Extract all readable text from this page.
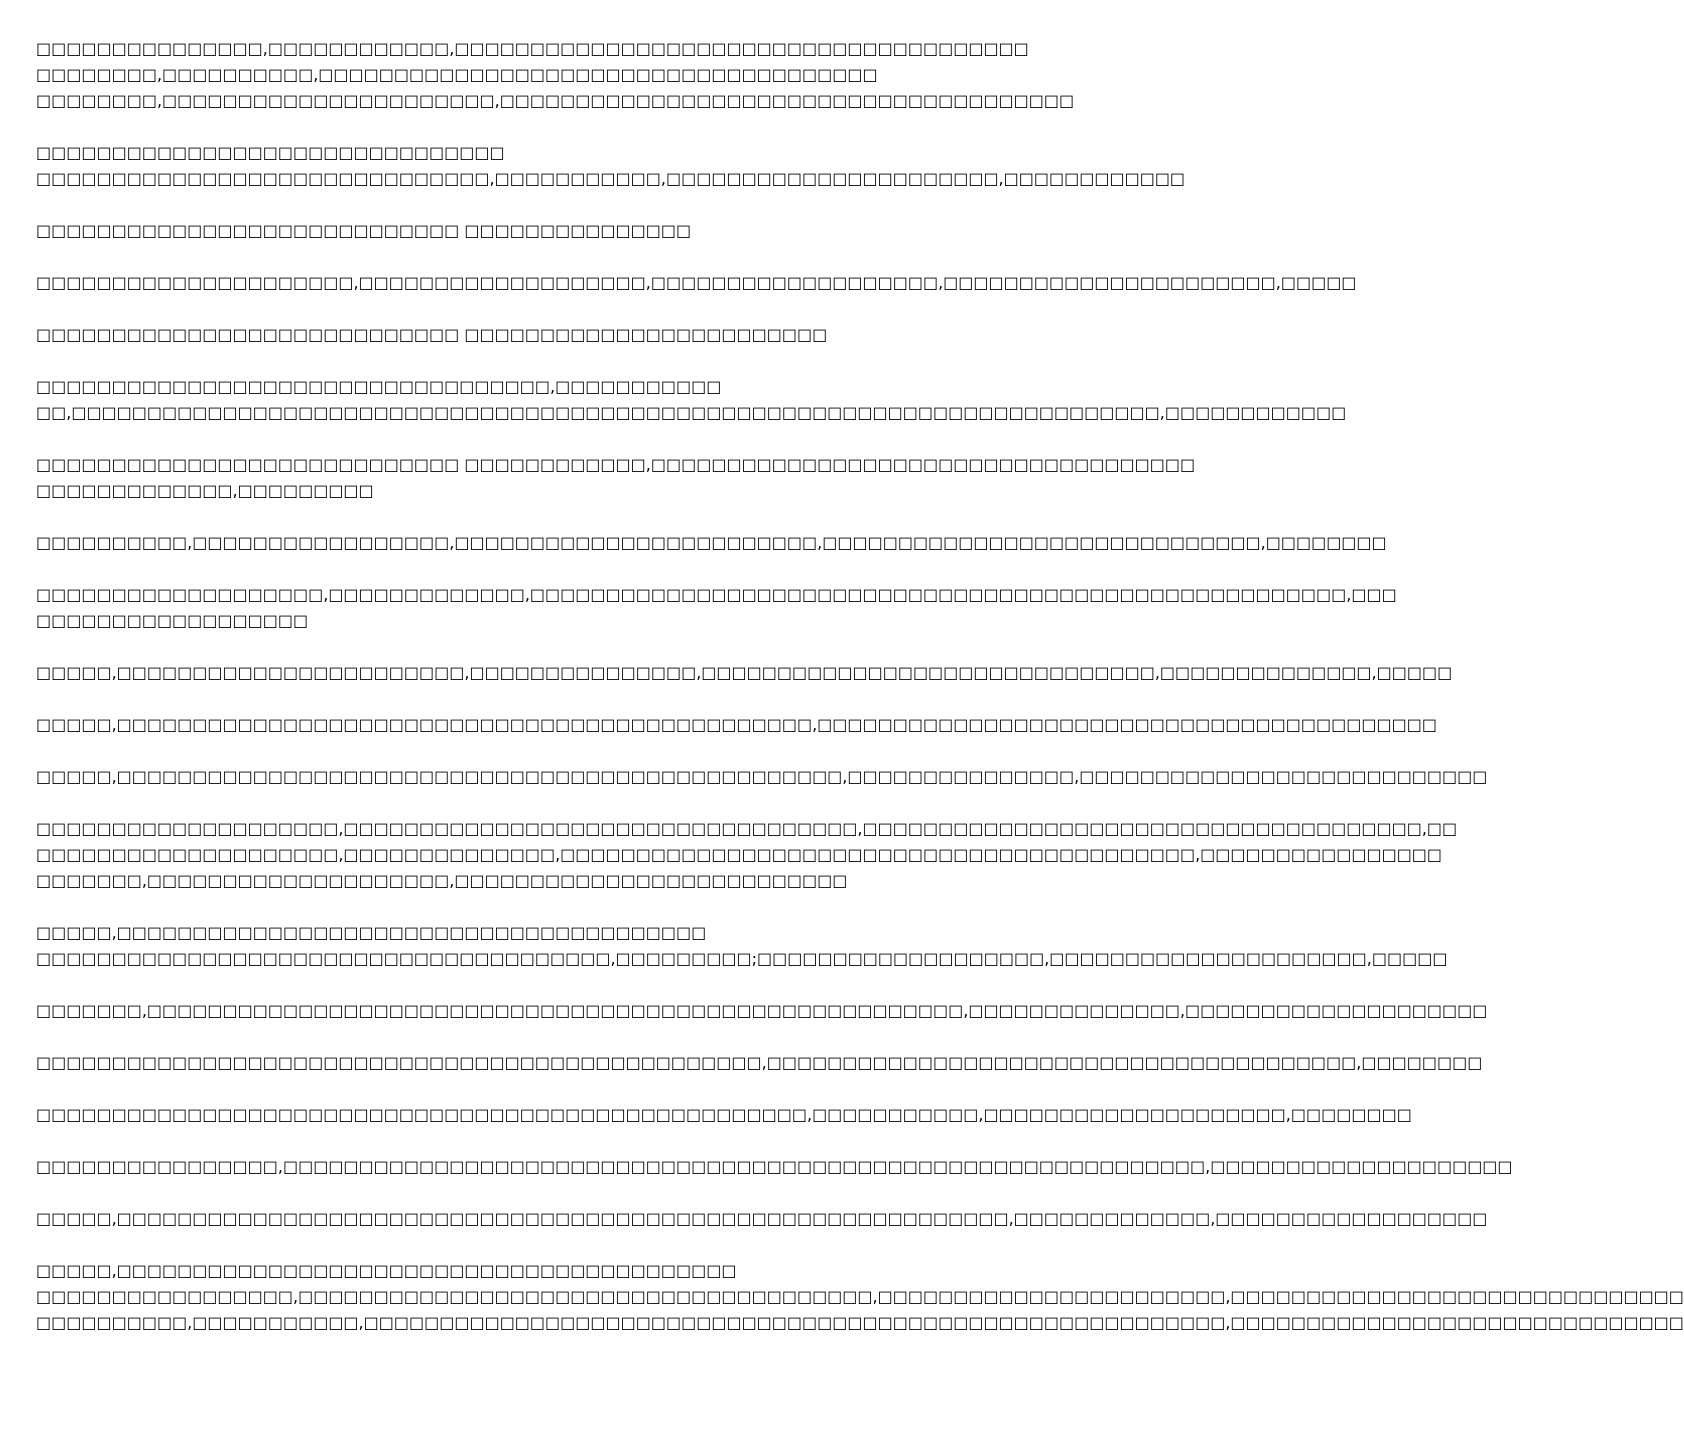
□□□□□□□□□□□□□□□,□□□□□□□□□□□□,□□□□□□□□□□□□□□□□□□□□□□□□□□□□□□□□□□□□□□
□□□□□□□□,□□□□□□□□□□,□□□□□□□□□□□□□□□□□□□□□□□□□□□□□□□□□□□□□
□□□□□□□□,□□□□□□□□□□□□□□□□□□□□□□,□□□□□□□□□□□□□□□□□□□□□□□□□□□□□□□□□□□□□□
□□□□□□□□□□□□□□□□□□□□□□□□□□□□□□□
□□□□□□□□□□□□□□□□□□□□□□□□□□□□□□,□□□□□□□□□□□,□□□□□□□□□□□□□□□□□□□□□□,□□□□□□□□□□□□
□□□□□□□□□□□□□□□□□□□□□□□□□□□□ □□□□□□□□□□□□□□□
□□□□□□□□□□□□□□□□□□□□□,□□□□□□□□□□□□□□□□□□□,□□□□□□□□□□□□□□□□□□□,□□□□□□□□□□□□□□□□□□□□□□,□□□□□
□□□□□□□□□□□□□□□□□□□□□□□□□□□□ □□□□□□□□□□□□□□□□□□□□□□□□
□□□□□□□□□□□□□□□□□□□□□□□□□□□□□□□□□□,□□□□□□□□□□□
□□,□□□□□□□□□□□□□□□□□□□□□□□□□□□□□□□□□□□□□□□□□□□□□□□□□□□□□□□□□□□□□□□□□□□□□□□□,□□□□□□□□□□□□
□□□□□□□□□□□□□□□□□□□□□□□□□□□□ □□□□□□□□□□□□,□□□□□□□□□□□□□□□□□□□□□□□□□□□□□□□□□□□□
□□□□□□□□□□□□□,□□□□□□□□□
□□□□□□□□□□,□□□□□□□□□□□□□□□□□,□□□□□□□□□□□□□□□□□□□□□□□□,□□□□□□□□□□□□□□□□□□□□□□□□□□□□□,□□□□□□□□
□□□□□□□□□□□□□□□□□□□,□□□□□□□□□□□□□,□□□□□□□□□□□□□□□□□□□□□□□□□□□□□□□□□□□□□□□□□□□□□□□□□□□□□□,□□□
□□□□□□□□□□□□□□□□□□
□□□□□,□□□□□□□□□□□□□□□□□□□□□□□,□□□□□□□□□□□□□□□,□□□□□□□□□□□□□□□□□□□□□□□□□□□□□□,□□□□□□□□□□□□□□,□□□□□
□□□□□,□□□□□□□□□□□□□□□□□□□□□□□□□□□□□□□□□□□□□□□□□□□□□□,□□□□□□□□□□□□□□□□□□□□□□□□□□□□□□□□□□□□□□□□□
□□□□□,□□□□□□□□□□□□□□□□□□□□□□□□□□□□□□□□□□□□□□□□□□□□□□□□,□□□□□□□□□□□□□□□,□□□□□□□□□□□□□□□□□□□□□□□□□□□
□□□□□□□□□□□□□□□□□□□□,□□□□□□□□□□□□□□□□□□□□□□□□□□□□□□□□□□,□□□□□□□□□□□□□□□□□□□□□□□□□□□□□□□□□□□□□,□□
□□□□□□□□□□□□□□□□□□□□,□□□□□□□□□□□□□□,□□□□□□□□□□□□□□□□□□□□□□□□□□□□□□□□□□□□□□□□□□,□□□□□□□□□□□□□□□□
□□□□□□□,□□□□□□□□□□□□□□□□□□□□,□□□□□□□□□□□□□□□□□□□□□□□□□□
□□□□□,□□□□□□□□□□□□□□□□□□□□□□□□□□□□□□□□□□□□□□□
□□□□□□□□□□□□□□□□□□□□□□□□□□□□□□□□□□□□□□,□□□□□□□□□;□□□□□□□□□□□□□□□□□□□,□□□□□□□□□□□□□□□□□□□□□,□□□□□
□□□□□□□,□□□□□□□□□□□□□□□□□□□□□□□□□□□□□□□□□□□□□□□□□□□□□□□□□□□□□□,□□□□□□□□□□□□□□,□□□□□□□□□□□□□□□□□□□□
□□□□□□□□□□□□□□□□□□□□□□□□□□□□□□□□□□□□□□□□□□□□□□□□,□□□□□□□□□□□□□□□□□□□□□□□□□□□□□□□□□□□□□□□,□□□□□□□□
□□□□□□□□□□□□□□□□□□□□□□□□□□□□□□□□□□□□□□□□□□□□□□□□□□□,□□□□□□□□□□□,□□□□□□□□□□□□□□□□□□□□,□□□□□□□□
□□□□□□□□□□□□□□□□,□□□□□□□□□□□□□□□□□□□□□□□□□□□□□□□□□□□□□□□□□□□□□□□□□□□□□□□□□□□□□,□□□□□□□□□□□□□□□□□□□□
□□□□□,□□□□□□□□□□□□□□□□□□□□□□□□□□□□□□□□□□□□□□□□□□□□□□□□□□□□□□□□□□□,□□□□□□□□□□□□□,□□□□□□□□□□□□□□□□□□
□□□□□,□□□□□□□□□□□□□□□□□□□□□□□□□□□□□□□□□□□□□□□□□
□□□□□□□□□□□□□□□□□,□□□□□□□□□□□□□□□□□□□□□□□□□□□□□□□□□□□□□□,□□□□□□□□□□□□□□□□□□□□□□□,□□□□□□□□□□□□□□□□□□□□□□□□□□□□□□
□□□□□□□□□□,□□□□□□□□□□□,□□□□□□□□□□□□□□□□□□□□□□□□□□□□□□□□□□□□□□□□□□□□□□□□□□□□□□□□□,□□□□□□□□□□□□□□□□□□□□□□□□□□□□□□
